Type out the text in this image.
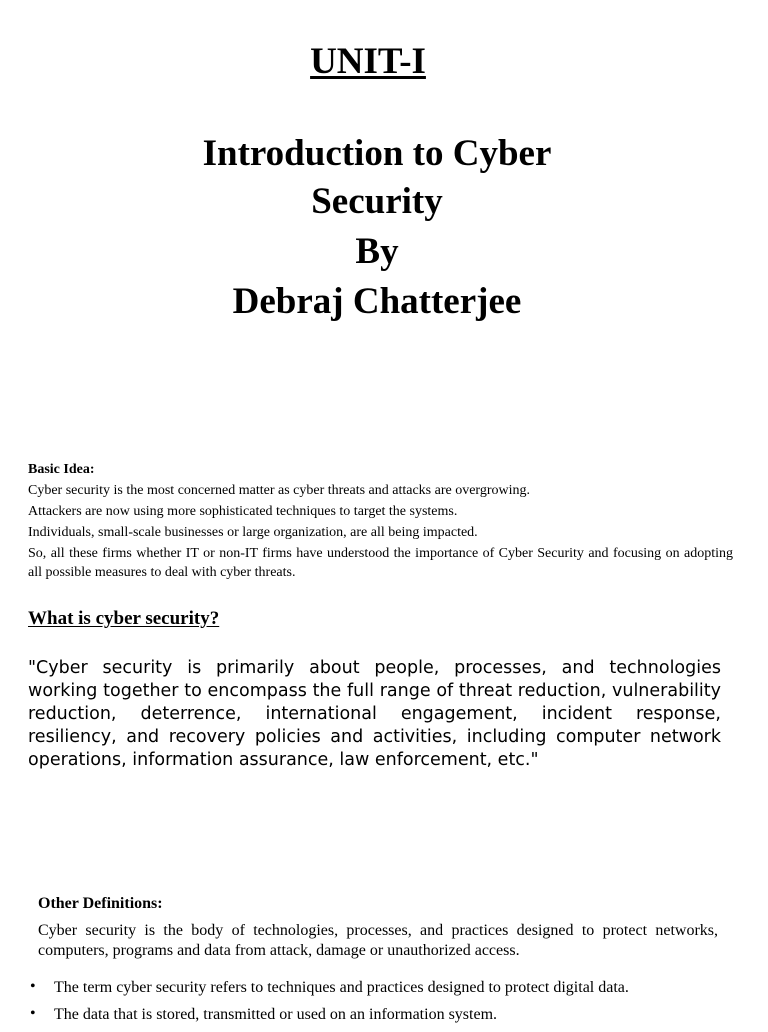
UNIT-I
Introduction to Cyber
Security
By
Debraj Chatterjee
Basic Idea:

Cyber security is the most concerned matter as cyber threats and attacks are overgrowing.

Attackers are now using more sophisticated techniques to target the systems.

Individuals, small-scale businesses or large organization, are all being impacted.

So, all these firms whether IT or non-IT firms have understood the importance of Cyber Security and focusing on adopting all possible measures to deal with cyber threats.

What is cyber security?

"Cyber security is primarily about people, processes, and technologies working together to encompass the full range of threat reduction, vulnerability reduction, deterrence, international engagement, incident response, resiliency, and recovery policies and activities, including computer network operations, information assurance, law enforcement, etc."

Other Definitions:

Cyber security is the body of technologies, processes, and practices designed to protect networks, computers, programs and data from attack, damage or unauthorized access.

• The term cyber security refers to techniques and practices designed to protect digital data.
• The data that is stored, transmitted or used on an information system.
